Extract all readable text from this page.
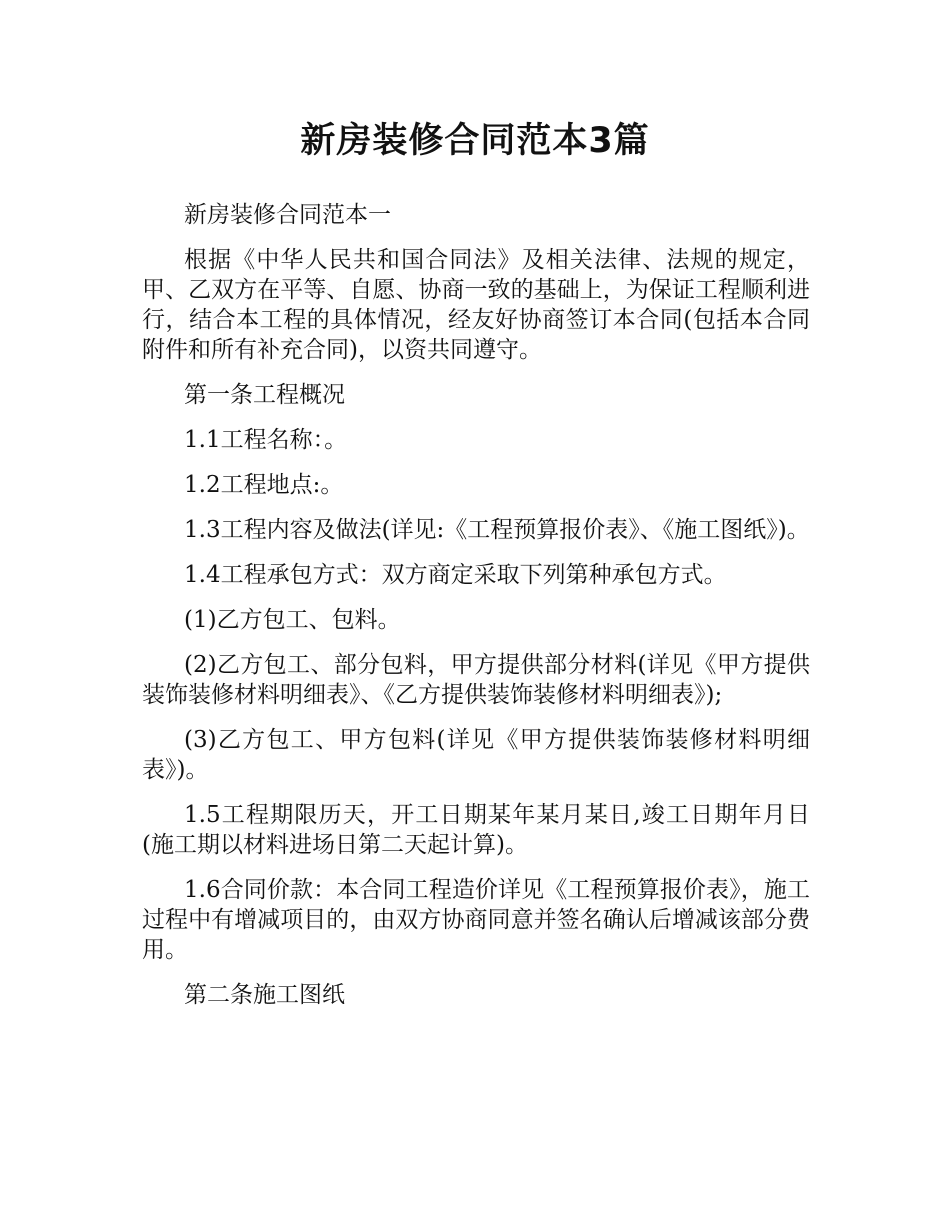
新房装修合同范本3篇

新房装修合同范本一

根据《中华人民共和国合同法》及相关法律、法规的规定，甲、乙双方在平等、自愿、协商一致的基础上，为保证工程顺利进行，结合本工程的具体情况，经友好协商签订本合同(包括本合同附件和所有补充合同)，以资共同遵守。

第一条工程概况

1.1工程名称：。

1.2工程地点:。

1.3工程内容及做法(详见:《工程预算报价表》、《施工图纸》)。

1.4工程承包方式：双方商定采取下列第种承包方式。

(1)乙方包工、包料。

(2)乙方包工、部分包料，甲方提供部分材料(详见《甲方提供装饰装修材料明细表》、《乙方提供装饰装修材料明细表》);

(3)乙方包工、甲方包料(详见《甲方提供装饰装修材料明细表》)。

1.5工程期限历天，开工日期某年某月某日,竣工日期年月日(施工期以材料进场日第二天起计算)。

1.6合同价款：本合同工程造价详见《工程预算报价表》，施工过程中有增减项目的，由双方协商同意并签名确认后增减该部分费用。

第二条施工图纸
